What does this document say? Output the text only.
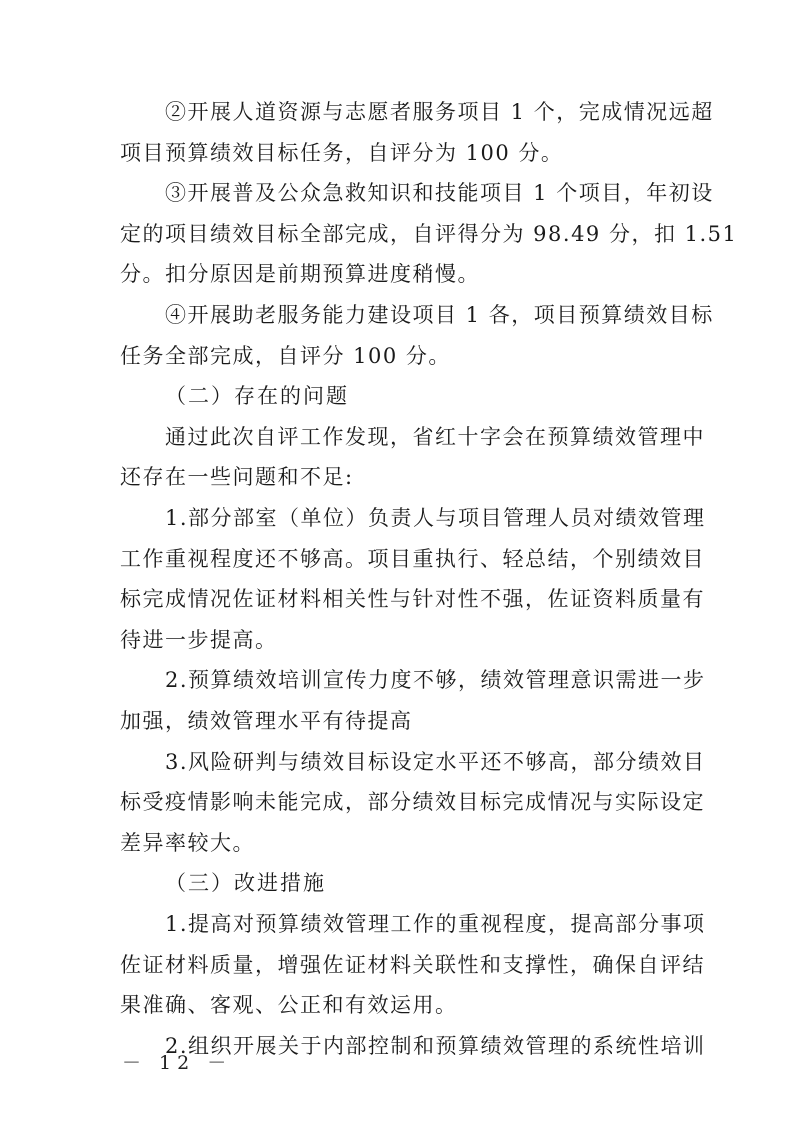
②开展人道资源与志愿者服务项目 1 个，完成情况远超
项目预算绩效目标任务，自评分为 100 分。
③开展普及公众急救知识和技能项目 1 个项目，年初设
定的项目绩效目标全部完成，自评得分为 98.49 分，扣 1.51
分。扣分原因是前期预算进度稍慢。
④开展助老服务能力建设项目 1 各，项目预算绩效目标
任务全部完成，自评分 100 分。
（二）存在的问题
通过此次自评工作发现，省红十字会在预算绩效管理中
还存在一些问题和不足:
1.部分部室（单位）负责人与项目管理人员对绩效管理
工作重视程度还不够高。项目重执行、轻总结，个别绩效目
标完成情况佐证材料相关性与针对性不强，佐证资料质量有
待进一步提高。
2.预算绩效培训宣传力度不够，绩效管理意识需进一步
加强，绩效管理水平有待提高
3.风险研判与绩效目标设定水平还不够高，部分绩效目
标受疫情影响未能完成，部分绩效目标完成情况与实际设定
差异率较大。
（三）改进措施
1.提高对预算绩效管理工作的重视程度，提高部分事项
佐证材料质量，增强佐证材料关联性和支撑性，确保自评结
果准确、客观、公正和有效运用。
2.组织开展关于内部控制和预算绩效管理的系统性培训
－ 12 －
